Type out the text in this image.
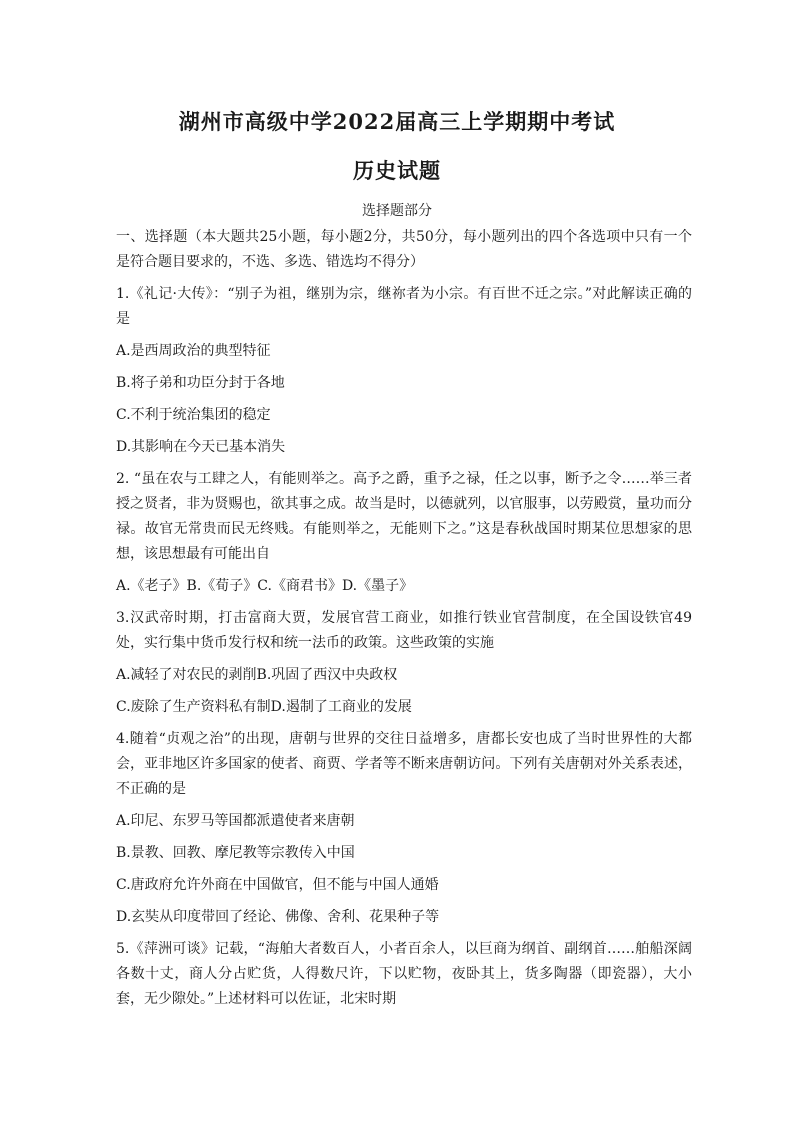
湖州市高级中学2022届高三上学期期中考试
历史试题
选择题部分

一、选择题（本大题共25小题，每小题2分，共50分，每小题列出的四个各选项中只有一个是符合题目要求的，不选、多选、错选均不得分）

1.《礼记·大传》：“别子为祖，继别为宗，继祢者为小宗。有百世不迁之宗。”对此解读正确的是

A.是西周政治的典型特征

B.将子弟和功臣分封于各地

C.不利于统治集团的稳定

D.其影响在今天已基本消失

2. “虽在农与工肆之人，有能则举之。高予之爵，重予之禄，任之以事，断予之令……举三者授之贤者，非为贤赐也，欲其事之成。故当是时，以德就列，以官服事，以劳殿赏，量功而分禄。故官无常贵而民无终贱。有能则举之，无能则下之。”这是春秋战国时期某位思想家的思想，该思想最有可能出自

A.《老子》B.《荀子》C.《商君书》D.《墨子》

3.汉武帝时期，打击富商大贾，发展官营工商业，如推行铁业官营制度，在全国设铁官49处，实行集中货币发行权和统一法币的政策。这些政策的实施

A.减轻了对农民的剥削B.巩固了西汉中央政权

C.废除了生产资料私有制D.遏制了工商业的发展

4.随着“贞观之治”的出现，唐朝与世界的交往日益增多，唐都长安也成了当时世界性的大都会，亚非地区许多国家的使者、商贾、学者等不断来唐朝访问。下列有关唐朝对外关系表述，不正确的是

A.印尼、东罗马等国都派遣使者来唐朝

B.景教、回教、摩尼教等宗教传入中国

C.唐政府允许外商在中国做官，但不能与中国人通婚

D.玄奘从印度带回了经论、佛像、舍利、花果种子等

5.《萍洲可谈》记载，“海舶大者数百人，小者百余人，以巨商为纲首、副纲首……舶船深阔各数十丈，商人分占贮货，人得数尺许，下以贮物，夜卧其上，货多陶器（即瓷器），大小套，无少隙处。”上述材料可以佐证，北宋时期
